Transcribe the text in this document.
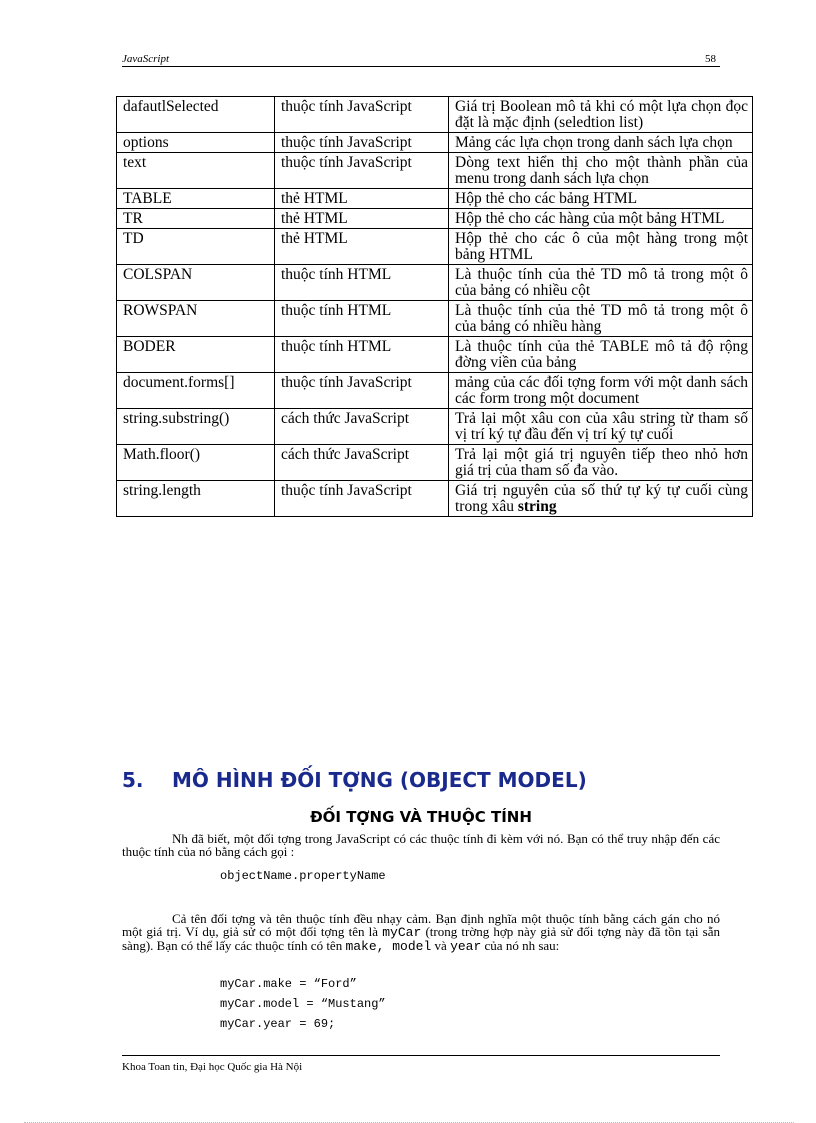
JavaScript	58
dafautlSelected	thuộc tính JavaScript	Giá trị Boolean mô tả khi có một lựa chọn đọc đặt là mặc định (seledtion list)
options	thuộc tính JavaScript	Mảng các lựa chọn trong danh sách lựa chọn
text	thuộc tính JavaScript	Dòng text hiển thị cho một thành phần của menu trong danh sách lựa chọn
TABLE	thẻ HTML	Hộp thẻ cho các bảng HTML
TR	thẻ HTML	Hộp thẻ cho các hàng của một bảng HTML
TD	thẻ HTML	Hộp thẻ cho các ô của một hàng trong một bảng HTML
COLSPAN	thuộc tính HTML	Là thuộc tính của thẻ TD mô tả trong một ô của bảng có nhiều cột
ROWSPAN	thuộc tính HTML	Là thuộc tính của thẻ TD mô tả trong một ô của bảng có nhiều hàng
BODER	thuộc tính HTML	Là thuộc tính của thẻ TABLE mô tả độ rộng đờng viền của bảng
document.forms[]	thuộc tính JavaScript	mảng của các đối tợng form với một danh sách các form trong một document
string.substring()	cách thức JavaScript	Trả lại một xâu con của xâu string từ tham số vị trí ký tự đầu đến vị trí ký tự cuối
Math.floor()	cách thức JavaScript	Trả lại một giá trị nguyên tiếp theo nhỏ hơn giá trị của tham số đa vào.
string.length	thuộc tính JavaScript	Giá trị nguyên của số thứ tự ký tự cuối cùng trong xâu string
5. MÔ HÌNH ĐỐI TỢNG (OBJECT MODEL)
ĐỐI TỢNG VÀ THUỘC TÍNH
Nh đã biết, một đối tợng trong JavaScript có các thuộc tính đi kèm với nó. Bạn có thể truy nhập đến các thuộc tính của nó bằng cách gọi :
objectName.propertyName
Cả tên đối tợng và tên thuộc tính đều nhạy cảm. Bạn định nghĩa một thuộc tính bằng cách gán cho nó một giá trị. Ví dụ, giả sử có một đối tợng tên là myCar (trong trờng hợp này giả sử đối tợng này đã tồn tại sẵn sàng). Bạn có thể lấy các thuộc tính có tên make, model và year của nó nh sau:
myCar.make = “Ford”
myCar.model = “Mustang”
myCar.year = 69;
Khoa Toan tin, Đại học Quốc gia Hà Nội
